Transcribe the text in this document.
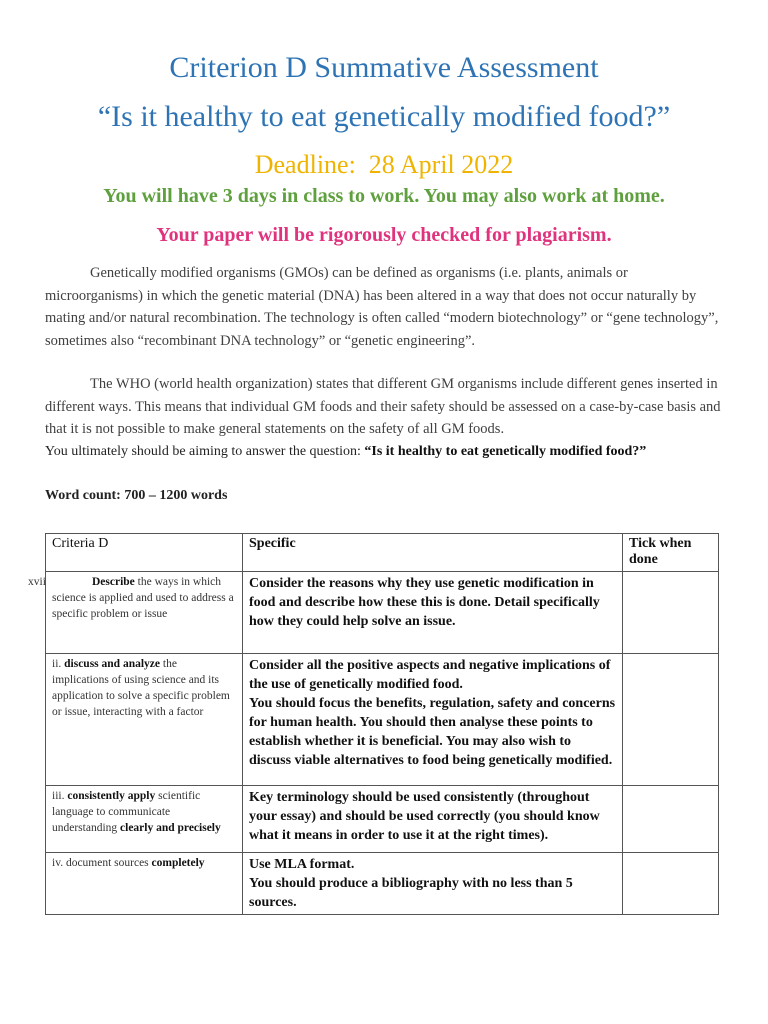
Criterion D Summative Assessment
“Is it healthy to eat genetically modified food?”
Deadline:  28 April 2022
You will have 3 days in class to work. You may also work at home.
Your paper will be rigorously checked for plagiarism.

Genetically modified organisms (GMOs) can be defined as organisms (i.e. plants, animals or microorganisms) in which the genetic material (DNA) has been altered in a way that does not occur naturally by mating and/or natural recombination. The technology is often called “modern biotechnology” or “gene technology”, sometimes also “recombinant DNA technology” or “genetic engineering”.

The WHO (world health organization) states that different GM organisms include different genes inserted in different ways. This means that individual GM foods and their safety should be assessed on a case-by-case basis and that it is not possible to make general statements on the safety of all GM foods.

You ultimately should be aiming to answer the question: “Is it healthy to eat genetically modified food?”
Word count: 700 – 1200 words
Criteria D	Specific	Tick when done

xvii Describe the ways in which science is applied and used to address a specific problem or issue	Consider the reasons why they use genetic modification in food and describe how these this is done. Detail specifically how they could help solve an issue.	
ii. discuss and analyze the implications of using science and its application to solve a specific problem or issue, interacting with a factor	Consider all the positive aspects and negative implications of the use of genetically modified food.
You should focus the benefits, regulation, safety and concerns for human health. You should then analyse these points to establish whether it is beneficial. You may also wish to discuss viable alternatives to food being genetically modified.	

iii. consistently apply scientific language to communicate understanding clearly and precisely	Key terminology should be used consistently (throughout your essay) and should be used correctly (you should know what it means in order to use it at the right times).	
iv. document sources completely	Use MLA format.
You should produce a bibliography with no less than 5 sources.	
